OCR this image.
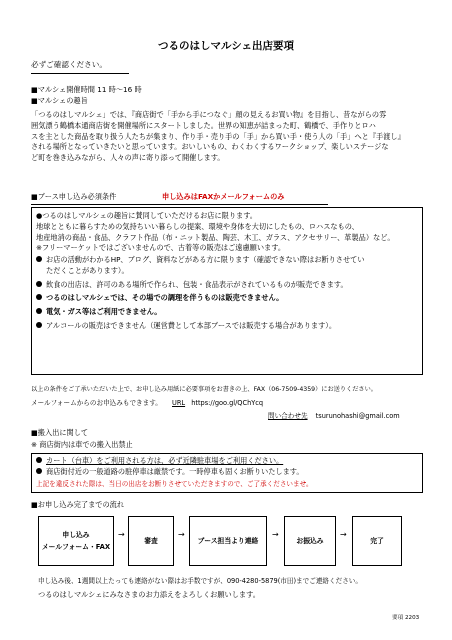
つるのはしマルシェ出店要項
必ずご確認ください。
■マルシェ開催時間 11 時～16 時
■マルシェの趣旨
「つるのはしマルシェ」では、『商店街で「手から手につなぐ」顔の見えるお買い物』を目指し、昔ながらの雰
囲気漂う鶴橋本通商店街を開催場所にスタートしました。世界の知恵が詰まった町、鶴橋で、手作りとロハ
スを主とした商品を取り扱う人たちが集まり、作り手・売り手の「手」から買い手・使う人の「手」へと『手渡し』
される場所となっていきたいと思っています。おいしいもの、わくわくするワークショップ、楽しいステージな
ど町を巻き込みながら、人々の声に寄り添って開催します。
■ブース申し込み必須条件	申し込みはFAXかメールフォームのみ
●つるのはしマルシェの趣旨に賛同していただけるお店に限ります。
地球とともに暮らすための気持ちいい暮らしの提案、環境や身体を大切にしたもの、ロハスなもの、
地産地消の商品・食品、クラフト作品（布・ニット製品、陶芸、木工、ガラス、アクセサリー、革製品）など。
※フリーマーケットではございませんので、古着等の販売はご遠慮願います。
お店の活動がわかるHP、ブログ、資料などがある方に限ります（確認できない際はお断りさせてい
ただくことがあります）。
飲食の出店は、許可のある場所で作られ、包装・食品表示がされているものが販売できます。
つるのはしマルシェでは、その場での調理を伴うものは販売できません。
電気・ガス等はご利用できません。
アルコールの販売はできません（運営費として本部ブースでは販売する場合があります）。
以上の条件をご了承いただいた上で、お申し込み用紙に必要事項をお書きの上、FAX（06-7509-4359）にお送りください。
メールフォームからのお申込みもできます。 URL https://goo.gl/QChYcq
問い合わせ先 tsurunohashi@gmail.com
■搬入出に関して
※ 商店街内は車での搬入出禁止
カート（台車）をご利用される方は、必ず近隣駐車場をご利用ください。
商店街付近の一般道路の駐停車は厳禁です。一時停車も固くお断りいたします。
上記を違反された際は、当日の出店をお断りさせていただきますので、ご了承くださいませ。
■お申し込み完了までの流れ
申し込み
メールフォーム・FAX
→
審査
→
ブース担当より連絡
→
お振込み
→
完了
申し込み後、1週間以上たっても連絡がない際はお手数ですが、090-4280-5879(市田)までご連絡ください。
つるのはしマルシェにみなさまのお力添えをよろしくお願いします。
要項 2203
